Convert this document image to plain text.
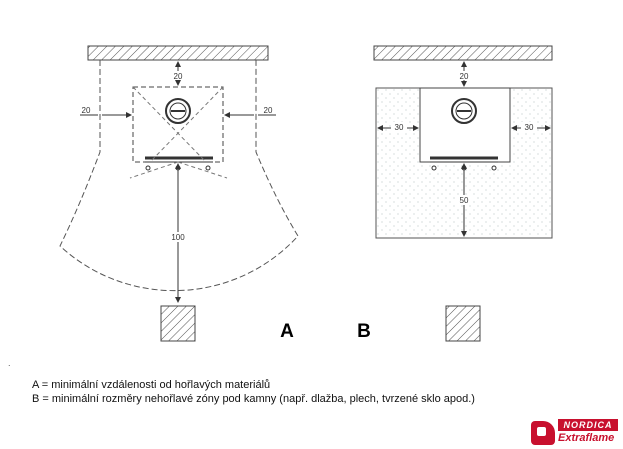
20
20	20
100
A
20
30	30
50
B
.
A = minimální vzdálenosti od hořlavých materiálů
B = minimální rozměry nehořlavé zóny pod kamny (např. dlažba, plech, tvrzené sklo apod.)
NORDICA
Extraflame
